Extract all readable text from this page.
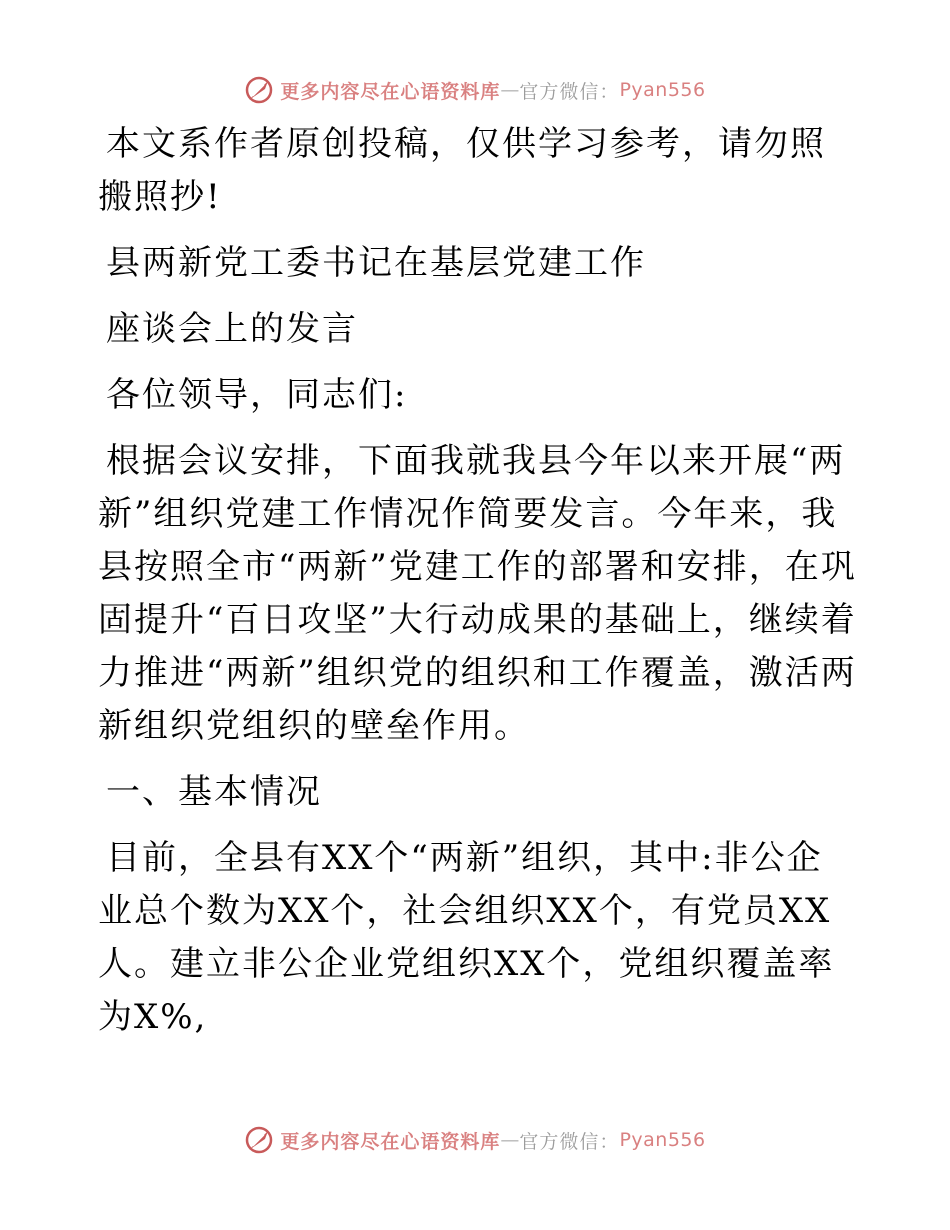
更多内容尽在心语资料库 — 官方微信： Pyan556

本文系作者原创投稿，仅供学习参考，请勿照搬照抄!

县两新党工委书记在基层党建工作

座谈会上的发言

各位领导，同志们:

根据会议安排，下面我就我县今年以来开展“两新”组织党建工作情况作简要发言。今年来，我县按照全市“两新”党建工作的部署和安排，在巩固提升“百日攻坚”大行动成果的基础上，继续着力推进“两新”组织党的组织和工作覆盖，激活两新组织党组织的壁垒作用。

一、基本情况

目前，全县有XX个“两新”组织，其中:非公企业总个数为XX个，社会组织XX个，有党员XX人。建立非公企业党组织XX个，党组织覆盖率为X%,

更多内容尽在心语资料库 — 官方微信： Pyan556
